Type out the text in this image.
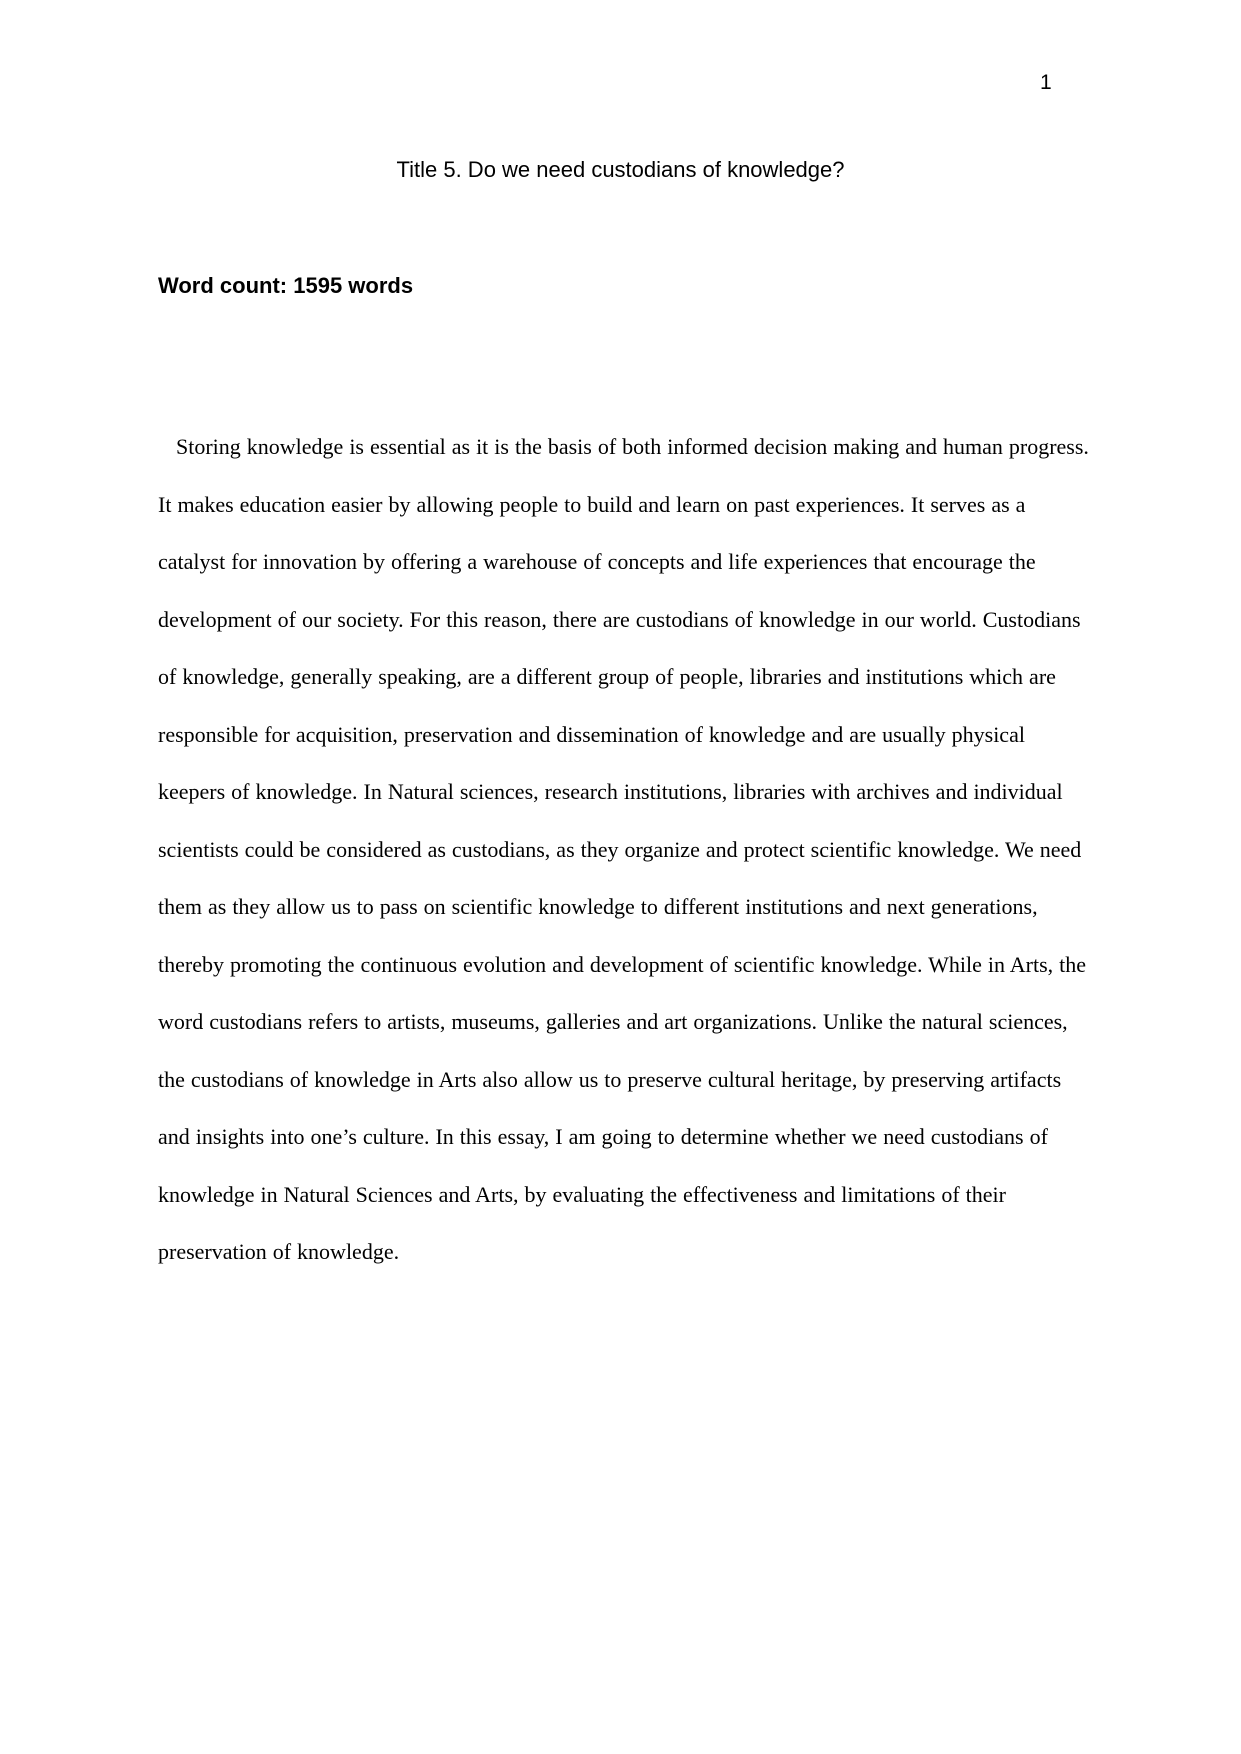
1
Title 5. Do we need custodians of knowledge?
Word count: 1595 words

Storing knowledge is essential as it is the basis of both informed decision making and human progress. It makes education easier by allowing people to build and learn on past experiences. It serves as a catalyst for innovation by offering a warehouse of concepts and life experiences that encourage the development of our society. For this reason, there are custodians of knowledge in our world. Custodians of knowledge, generally speaking, are a different group of people, libraries and institutions which are responsible for acquisition, preservation and dissemination of knowledge and are usually physical keepers of knowledge. In Natural sciences, research institutions, libraries with archives and individual scientists could be considered as custodians, as they organize and protect scientific knowledge. We need them as they allow us to pass on scientific knowledge to different institutions and next generations, thereby promoting the continuous evolution and development of scientific knowledge. While in Arts, the word custodians refers to artists, museums, galleries and art organizations. Unlike the natural sciences, the custodians of knowledge in Arts also allow us to preserve cultural heritage, by preserving artifacts and insights into one’s culture. In this essay, I am going to determine whether we need custodians of knowledge in Natural Sciences and Arts, by evaluating the effectiveness and limitations of their preservation of knowledge.
